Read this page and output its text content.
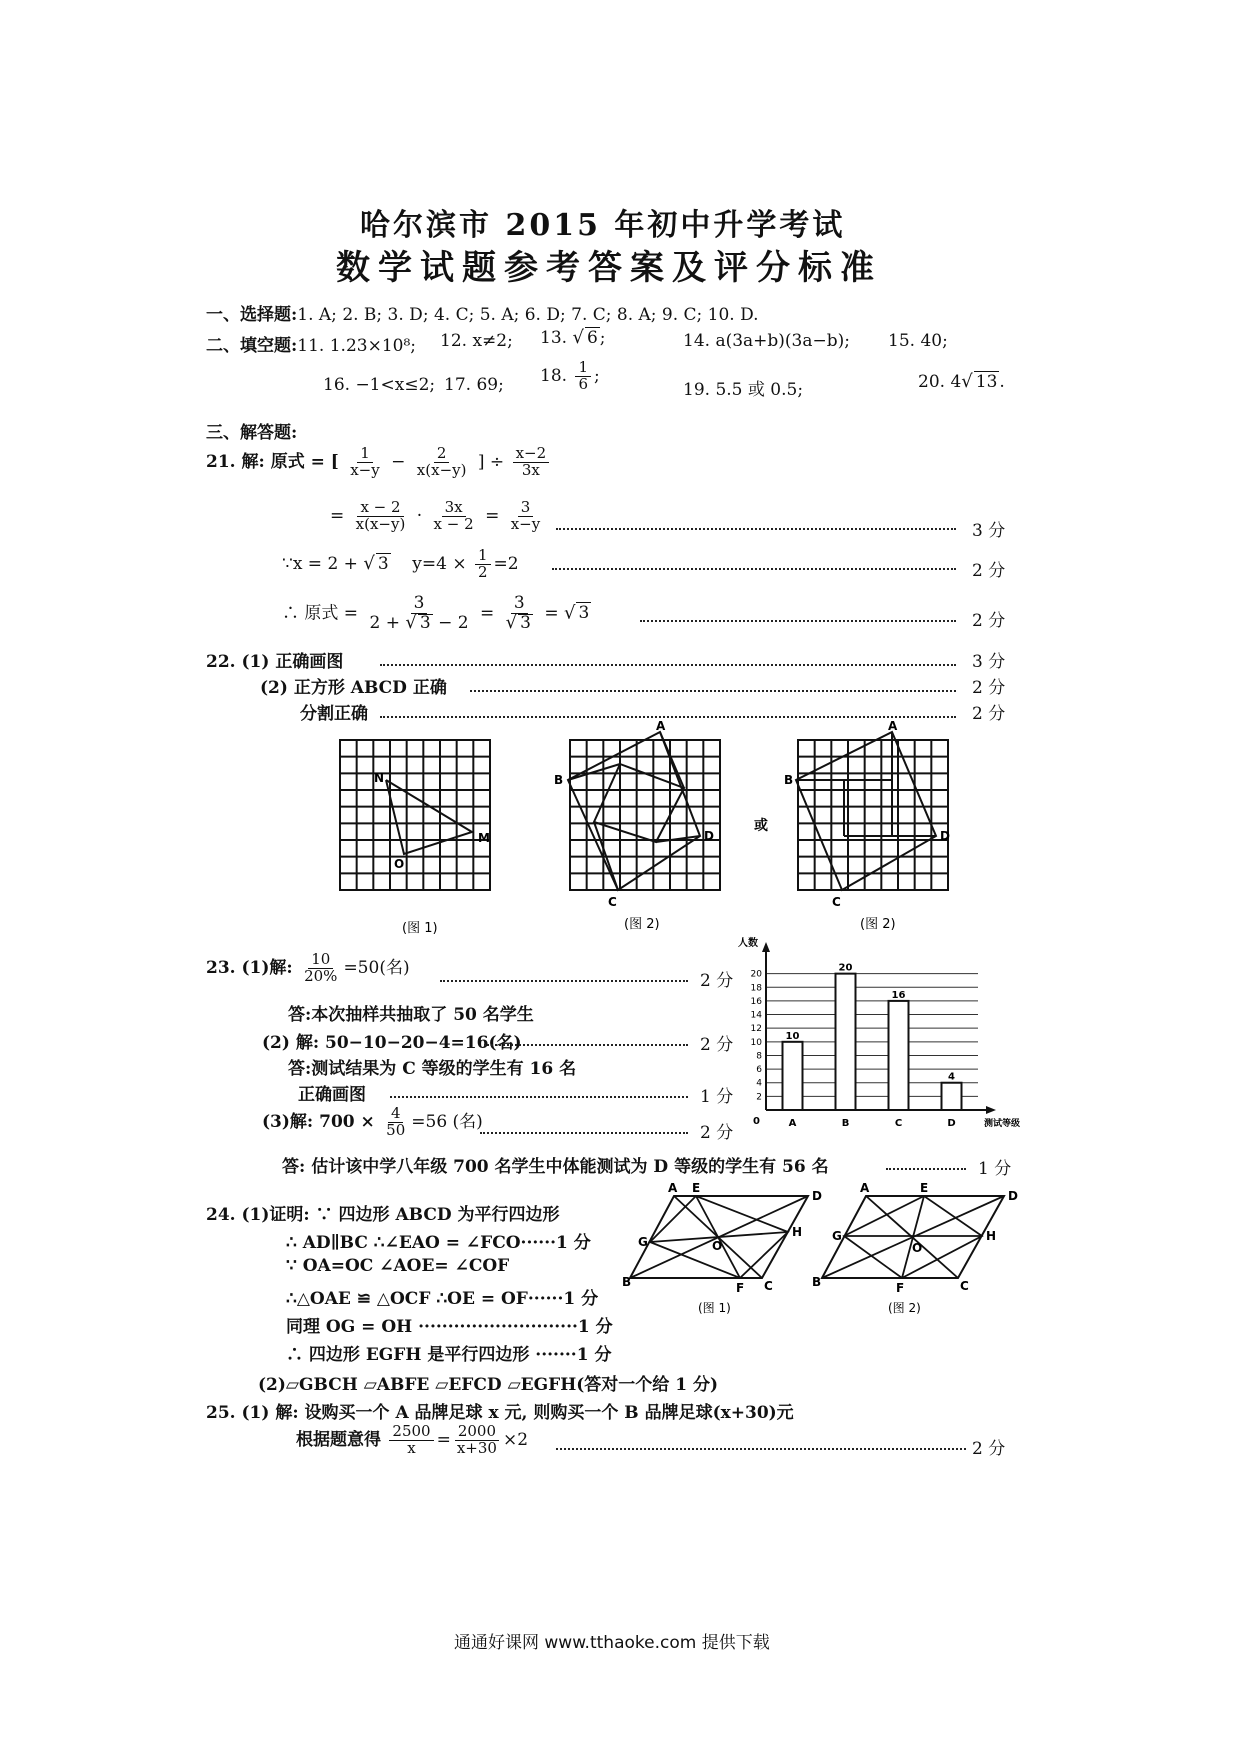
哈尔滨市 2015 年初中升学考试
数学试题参考答案及评分标准
一、选择题:1. A; 2. B; 3. D; 4. C; 5. A; 6. D; 7. C; 8. A; 9. C; 10. D.
二、填空题:11. 1.23×10⁸; 12. x≠2; 13. √ 6 ;	14. a(3a+b)(3a−b); 15. 40;
16. −1<x≤2; 17. 69; 18. $\frac{1}{6}$ ;
19. 5.5 或 0.5;	20. 4√ 13 .
三、解答题:
21. 解: 原式 = [ $\frac{1}{x-y} - \frac{2}{x(x-y)}$ ] ÷ $\frac{x-2}{3x}$
= $\frac{x - 2}{x(x-y)} \cdot \frac{3x}{x - 2} = \frac{3}{x-y}$	3 分
∵x = 2 + √ 3 $y=4 \times \frac{1}{2} =2$	2 分
∴ 原式 = $\frac{3}{2 + √ 3 - 2} = \frac{3}{√ 3}$ = √ 3	2 分
22. (1) 正确画图	3 分
(2) 正方形 ABCD 正确	2 分
分割正确	2 分
N
M
O
A
B
C
D
A
B
C
D
或
(图 1)	(图 2)	(图 2)
23. (1)解: $\frac{10}{20\%} =50$(名)
2 分
答:本次抽样共抽取了 50 名学生
(2) 解: 50−10−20−4=16(名)	2 分
答:测试结果为 C 等级的学生有 16 名
正确画图	1 分
(3)解: $700 \times \frac{4}{50} =56$ (名)
2 分
答: 估计该中学八年级 700 名学生中体能测试为 D 等级的学生有 56 名	1 分
2
4
6
8
10
12
14
16
18
20
人数
测试等级
0
10
A
20
B
16
C
4
D
24. (1)证明: ∵ 四边形 ABCD 为平行四边形
∴ AD∥BC ∴∠EAO = ∠FCO······1 分
∵ OA=OC ∠AOE= ∠COF
∴△OAE ≌ △OCF ∴OE = OF······1 分
同理 OG = OH ···························1 分
∴ 四边形 EGFH 是平行四边形 ·······1 分
(2)▱GBCH ▱ABFE ▱EFCD ▱EGFH(答对一个给 1 分)
A E
D
G
H
O
B	F C
(图 1)
A	E
D
G	H
O
B	F	C
(图 2)
25. (1) 解: 设购买一个 A 品牌足球 x 元, 则购买一个 B 品牌足球(x+30)元
根据题意得 $\frac{2500}{x} = \frac{2000}{x+30} \times 2$	2 分
通通好课网 www.tthaoke.com 提供下载
